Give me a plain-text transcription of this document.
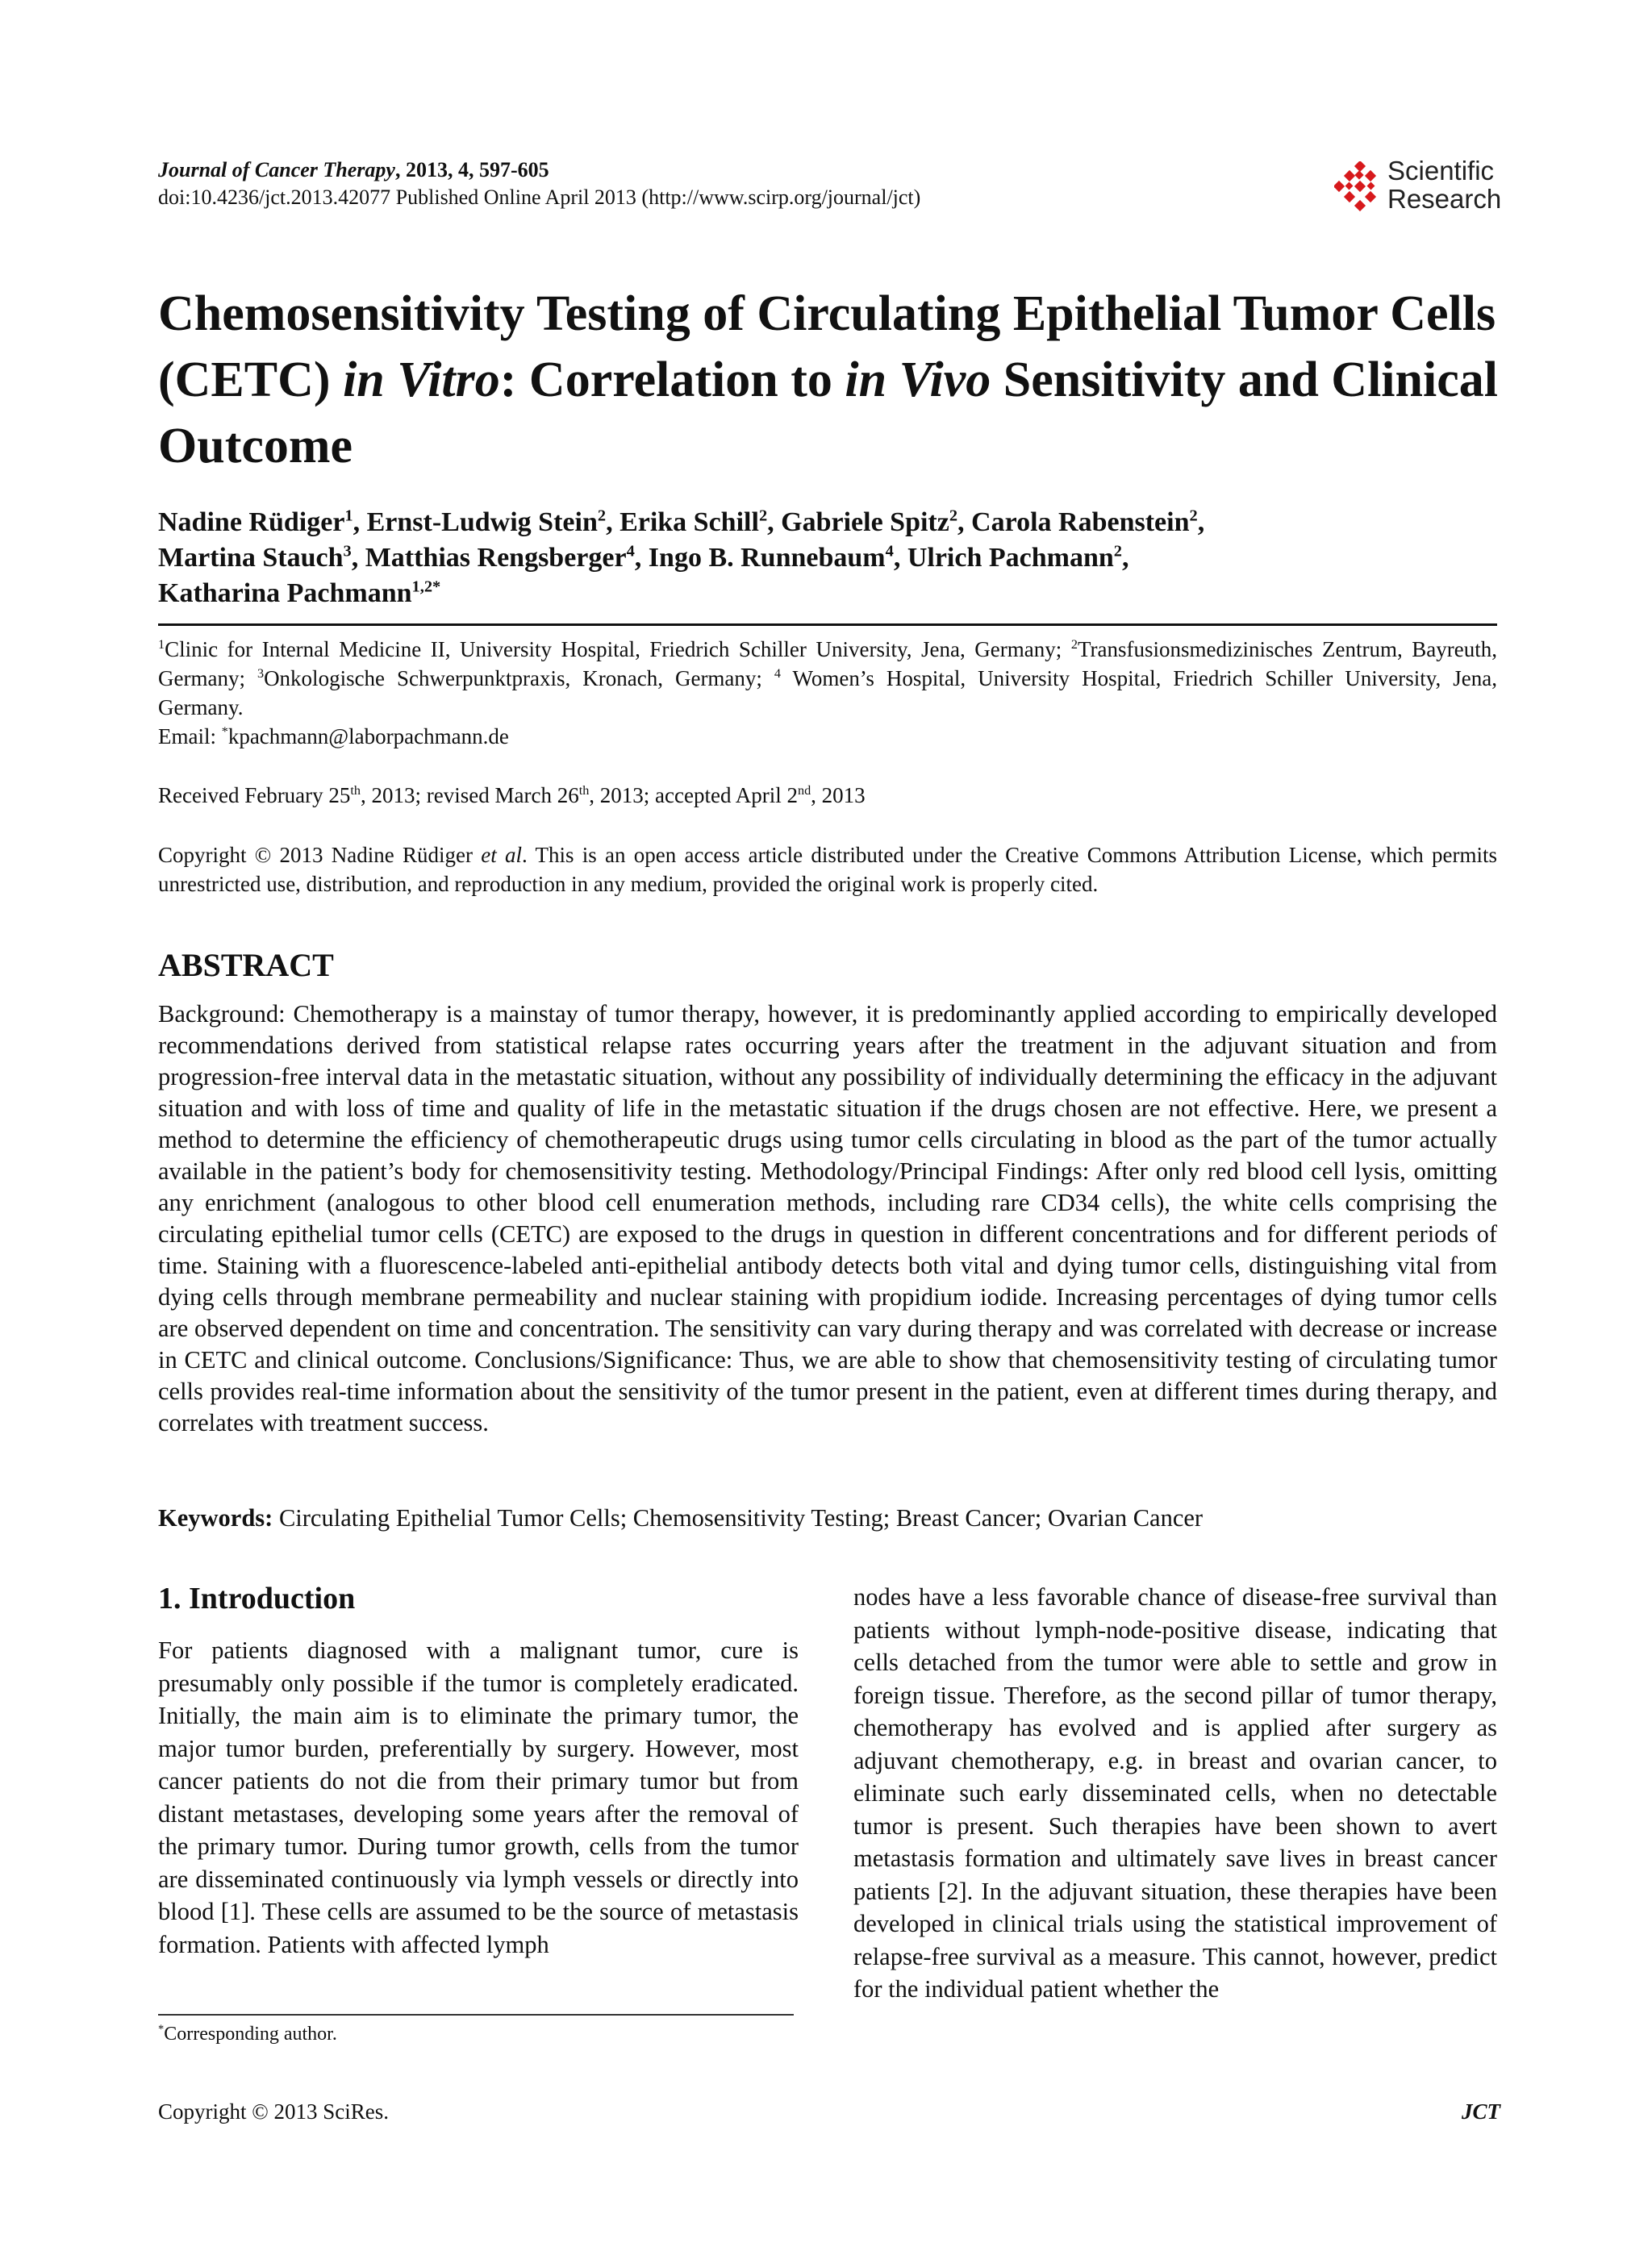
Journal of Cancer Therapy, 2013, 4, 597-605
doi:10.4236/jct.2013.42077 Published Online April 2013 (http://www.scirp.org/journal/jct)
Scientific
Research
Chemosensitivity Testing of Circulating Epithelial Tumor Cells (CETC) in Vitro: Correlation to in Vivo Sensitivity and Clinical Outcome
Nadine Rüdiger$^1$, Ernst-Ludwig Stein$^2$, Erika Schill$^2$, Gabriele Spitz$^2$, Carola Rabenstein$^2$,
Martina Stauch$^3$, Matthias Rengsberger$^4$, Ingo B. Runnebaum$^4$, Ulrich Pachmann$^2$,
Katharina Pachmann$^{1,2*}$
$^1$Clinic for Internal Medicine II, University Hospital, Friedrich Schiller University, Jena, Germany; $^2$Transfusionsmedizinisches Zentrum, Bayreuth, Germany; $^3$Onkologische Schwerpunktpraxis, Kronach, Germany; $^4$ Women’s Hospital, University Hospital, Friedrich Schiller University, Jena, Germany.
Email: *kpachmann@laborpachmann.de
Received February 25th, 2013; revised March 26th, 2013; accepted April 2nd, 2013
Copyright © 2013 Nadine Rüdiger et al. This is an open access article distributed under the Creative Commons Attribution License, which permits unrestricted use, distribution, and reproduction in any medium, provided the original work is properly cited.
ABSTRACT
Background: Chemotherapy is a mainstay of tumor therapy, however, it is predominantly applied according to empirically developed recommendations derived from statistical relapse rates occurring years after the treatment in the adjuvant situation and from progression-free interval data in the metastatic situation, without any possibility of individually determining the efficacy in the adjuvant situation and with loss of time and quality of life in the metastatic situation if the drugs chosen are not effective. Here, we present a method to determine the efficiency of chemotherapeutic drugs using tumor cells circulating in blood as the part of the tumor actually available in the patient’s body for chemosensitivity testing. Methodology/Principal Findings: After only red blood cell lysis, omitting any enrichment (analogous to other blood cell enumeration methods, including rare CD34 cells), the white cells comprising the circulating epithelial tumor cells (CETC) are exposed to the drugs in question in different concentrations and for different periods of time. Staining with a fluorescence-labeled anti-epithelial antibody detects both vital and dying tumor cells, distinguishing vital from dying cells through membrane permeability and nuclear staining with propidium iodide. Increasing percentages of dying tumor cells are observed dependent on time and concentration. The sensitivity can vary during therapy and was correlated with decrease or increase in CETC and clinical outcome. Conclusions/Significance: Thus, we are able to show that chemosensitivity testing of circulating tumor cells provides real-time information about the sensitivity of the tumor present in the patient, even at different times during therapy, and correlates with treatment success.
Keywords: Circulating Epithelial Tumor Cells; Chemosensitivity Testing; Breast Cancer; Ovarian Cancer
1. Introduction
For patients diagnosed with a malignant tumor, cure is presumably only possible if the tumor is completely eradicated. Initially, the main aim is to eliminate the primary tumor, the major tumor burden, preferentially by surgery. However, most cancer patients do not die from their primary tumor but from distant metastases, developing some years after the removal of the primary tumor. During tumor growth, cells from the tumor are disseminated continuously via lymph vessels or directly into blood [1]. These cells are assumed to be the source of metastasis formation. Patients with affected lymph
nodes have a less favorable chance of disease-free survival than patients without lymph-node-positive disease, indicating that cells detached from the tumor were able to settle and grow in foreign tissue. Therefore, as the second pillar of tumor therapy, chemotherapy has evolved and is applied after surgery as adjuvant chemotherapy, e.g. in breast and ovarian cancer, to eliminate such early disseminated cells, when no detectable tumor is present. Such therapies have been shown to avert metastasis formation and ultimately save lives in breast cancer patients [2]. In the adjuvant situation, these therapies have been developed in clinical trials using the statistical improvement of relapse-free survival as a measure. This cannot, however, predict for the individual patient whether the
*Corresponding author.
Copyright © 2013 SciRes.	JCT
